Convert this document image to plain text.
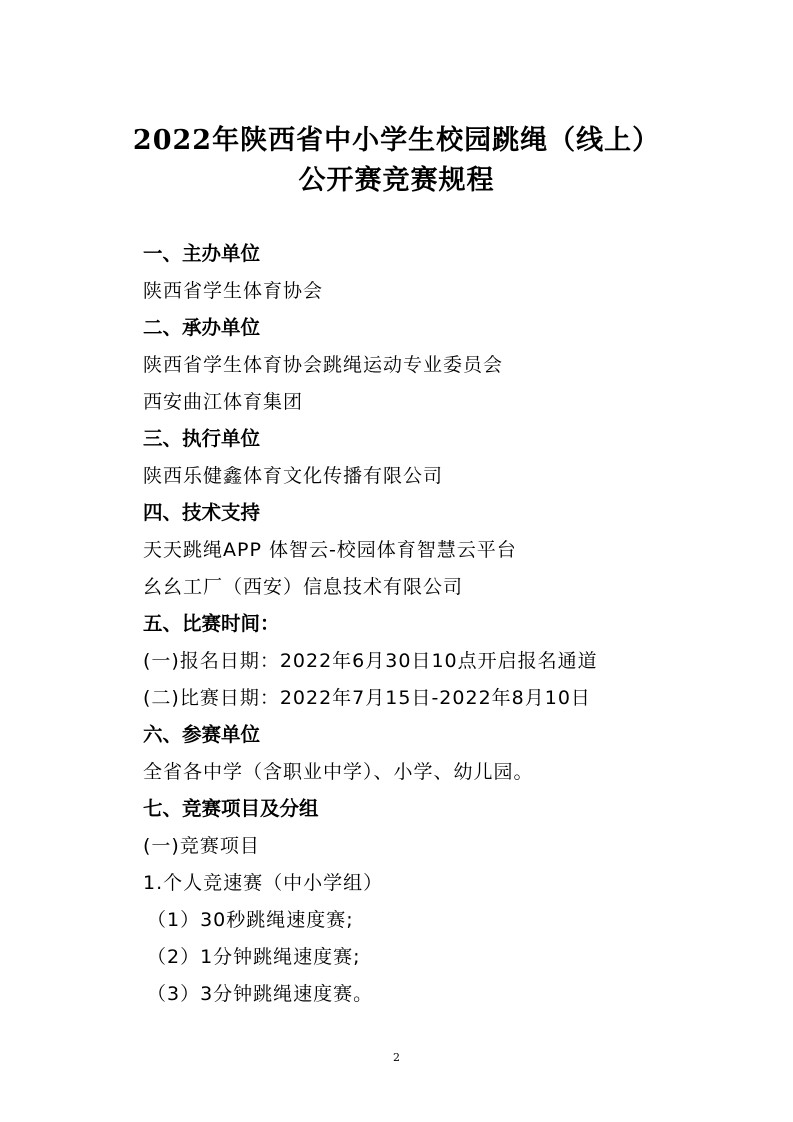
2022年陕西省中小学生校园跳绳（线上）
公开赛竞赛规程
一、主办单位
陕西省学生体育协会
二、承办单位
陕西省学生体育协会跳绳运动专业委员会
西安曲江体育集团
三、执行单位
陕西乐健鑫体育文化传播有限公司
四、技术支持
天天跳绳APP 体智云-校园体育智慧云平台
幺幺工厂（西安）信息技术有限公司
五、比赛时间：
(一)报名日期：2022年6月30日10点开启报名通道
(二)比赛日期：2022年7月15日-2022年8月10日
六、参赛单位
全省各中学（含职业中学）、小学、幼儿园。
七、竞赛项目及分组
(一)竞赛项目
1.个人竞速赛（中小学组）
（1）30秒跳绳速度赛;
（2）1分钟跳绳速度赛;
（3）3分钟跳绳速度赛。
2
